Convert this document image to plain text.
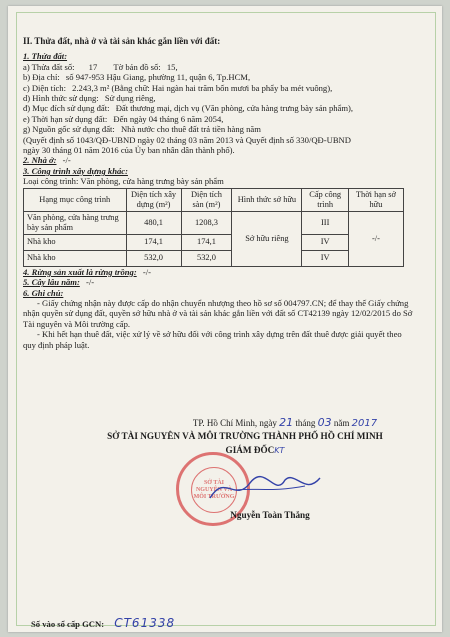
II. Thửa đất, nhà ở và tài sản khác gắn liền với đất:
1. Thửa đất:
a) Thửa đất số: 17 Tờ bản đồ số: 15,
b) Địa chỉ: số 947-953 Hậu Giang, phường 11, quận 6, Tp.HCM,
c) Diện tích: 2.243,3 m² (Bằng chữ: Hai ngàn hai trăm bốn mươi ba phẩy ba mét vuông),
d) Hình thức sử dụng: Sử dụng riêng,
đ) Mục đích sử dụng đất: Đất thương mại, dịch vụ (Văn phòng, cửa hàng trưng bày sản phẩm),
e) Thời hạn sử dụng đất: Đến ngày 04 tháng 6 năm 2054,
g) Nguồn gốc sử dụng đất: Nhà nước cho thuê đất trả tiền hàng năm
(Quyết định số 1043/QĐ-UBND ngày 02 tháng 03 năm 2013 và Quyết định số 330/QĐ-UBND
ngày 30 tháng 01 năm 2016 của Ủy ban nhân dân thành phố).
2. Nhà ở: -/-
3. Công trình xây dựng khác:
Loại công trình: Văn phòng, cửa hàng trưng bày sản phẩm
Hạng mục công trình	Diện tích xây dựng (m²)	Diện tích sàn (m²)	Hình thức sở hữu	Cấp công trình	Thời hạn sở hữu
Văn phòng, cửa hàng trưng bày sản phẩm	480,1	1208,3	Sở hữu riêng	III	-/-
Nhà kho	174,1	174,1		IV	
Nhà kho	532,0	532,0		IV	
4. Rừng sản xuất là rừng trồng: -/-
5. Cây lâu năm: -/-
6. Ghi chú:

- Giấy chứng nhận này được cấp do nhận chuyển nhượng theo hồ sơ số 004797.CN; để thay thế Giấy chứng nhận quyền sử dụng đất, quyền sở hữu nhà ở và tài sản khác gắn liền với đất số CT42139 ngày 12/02/2015 do Sở Tài nguyên và Môi trường cấp.

- Khi hết hạn thuê đất, việc xử lý về sở hữu đối với công trình xây dựng trên đất thuê được giải quyết theo quy định pháp luật.

TP. Hồ Chí Minh, ngày 21 tháng 03 năm 2017
SỞ TÀI NGUYÊN VÀ MÔI TRƯỜNG THÀNH PHỐ HỒ CHÍ MINH
GIÁM ĐỐCKT
SỞ TÀI NGUYÊN VÀ MÔI TRƯỜNG
Nguyễn Toàn Thắng
Số vào sổ cấp GCN: CT61338
